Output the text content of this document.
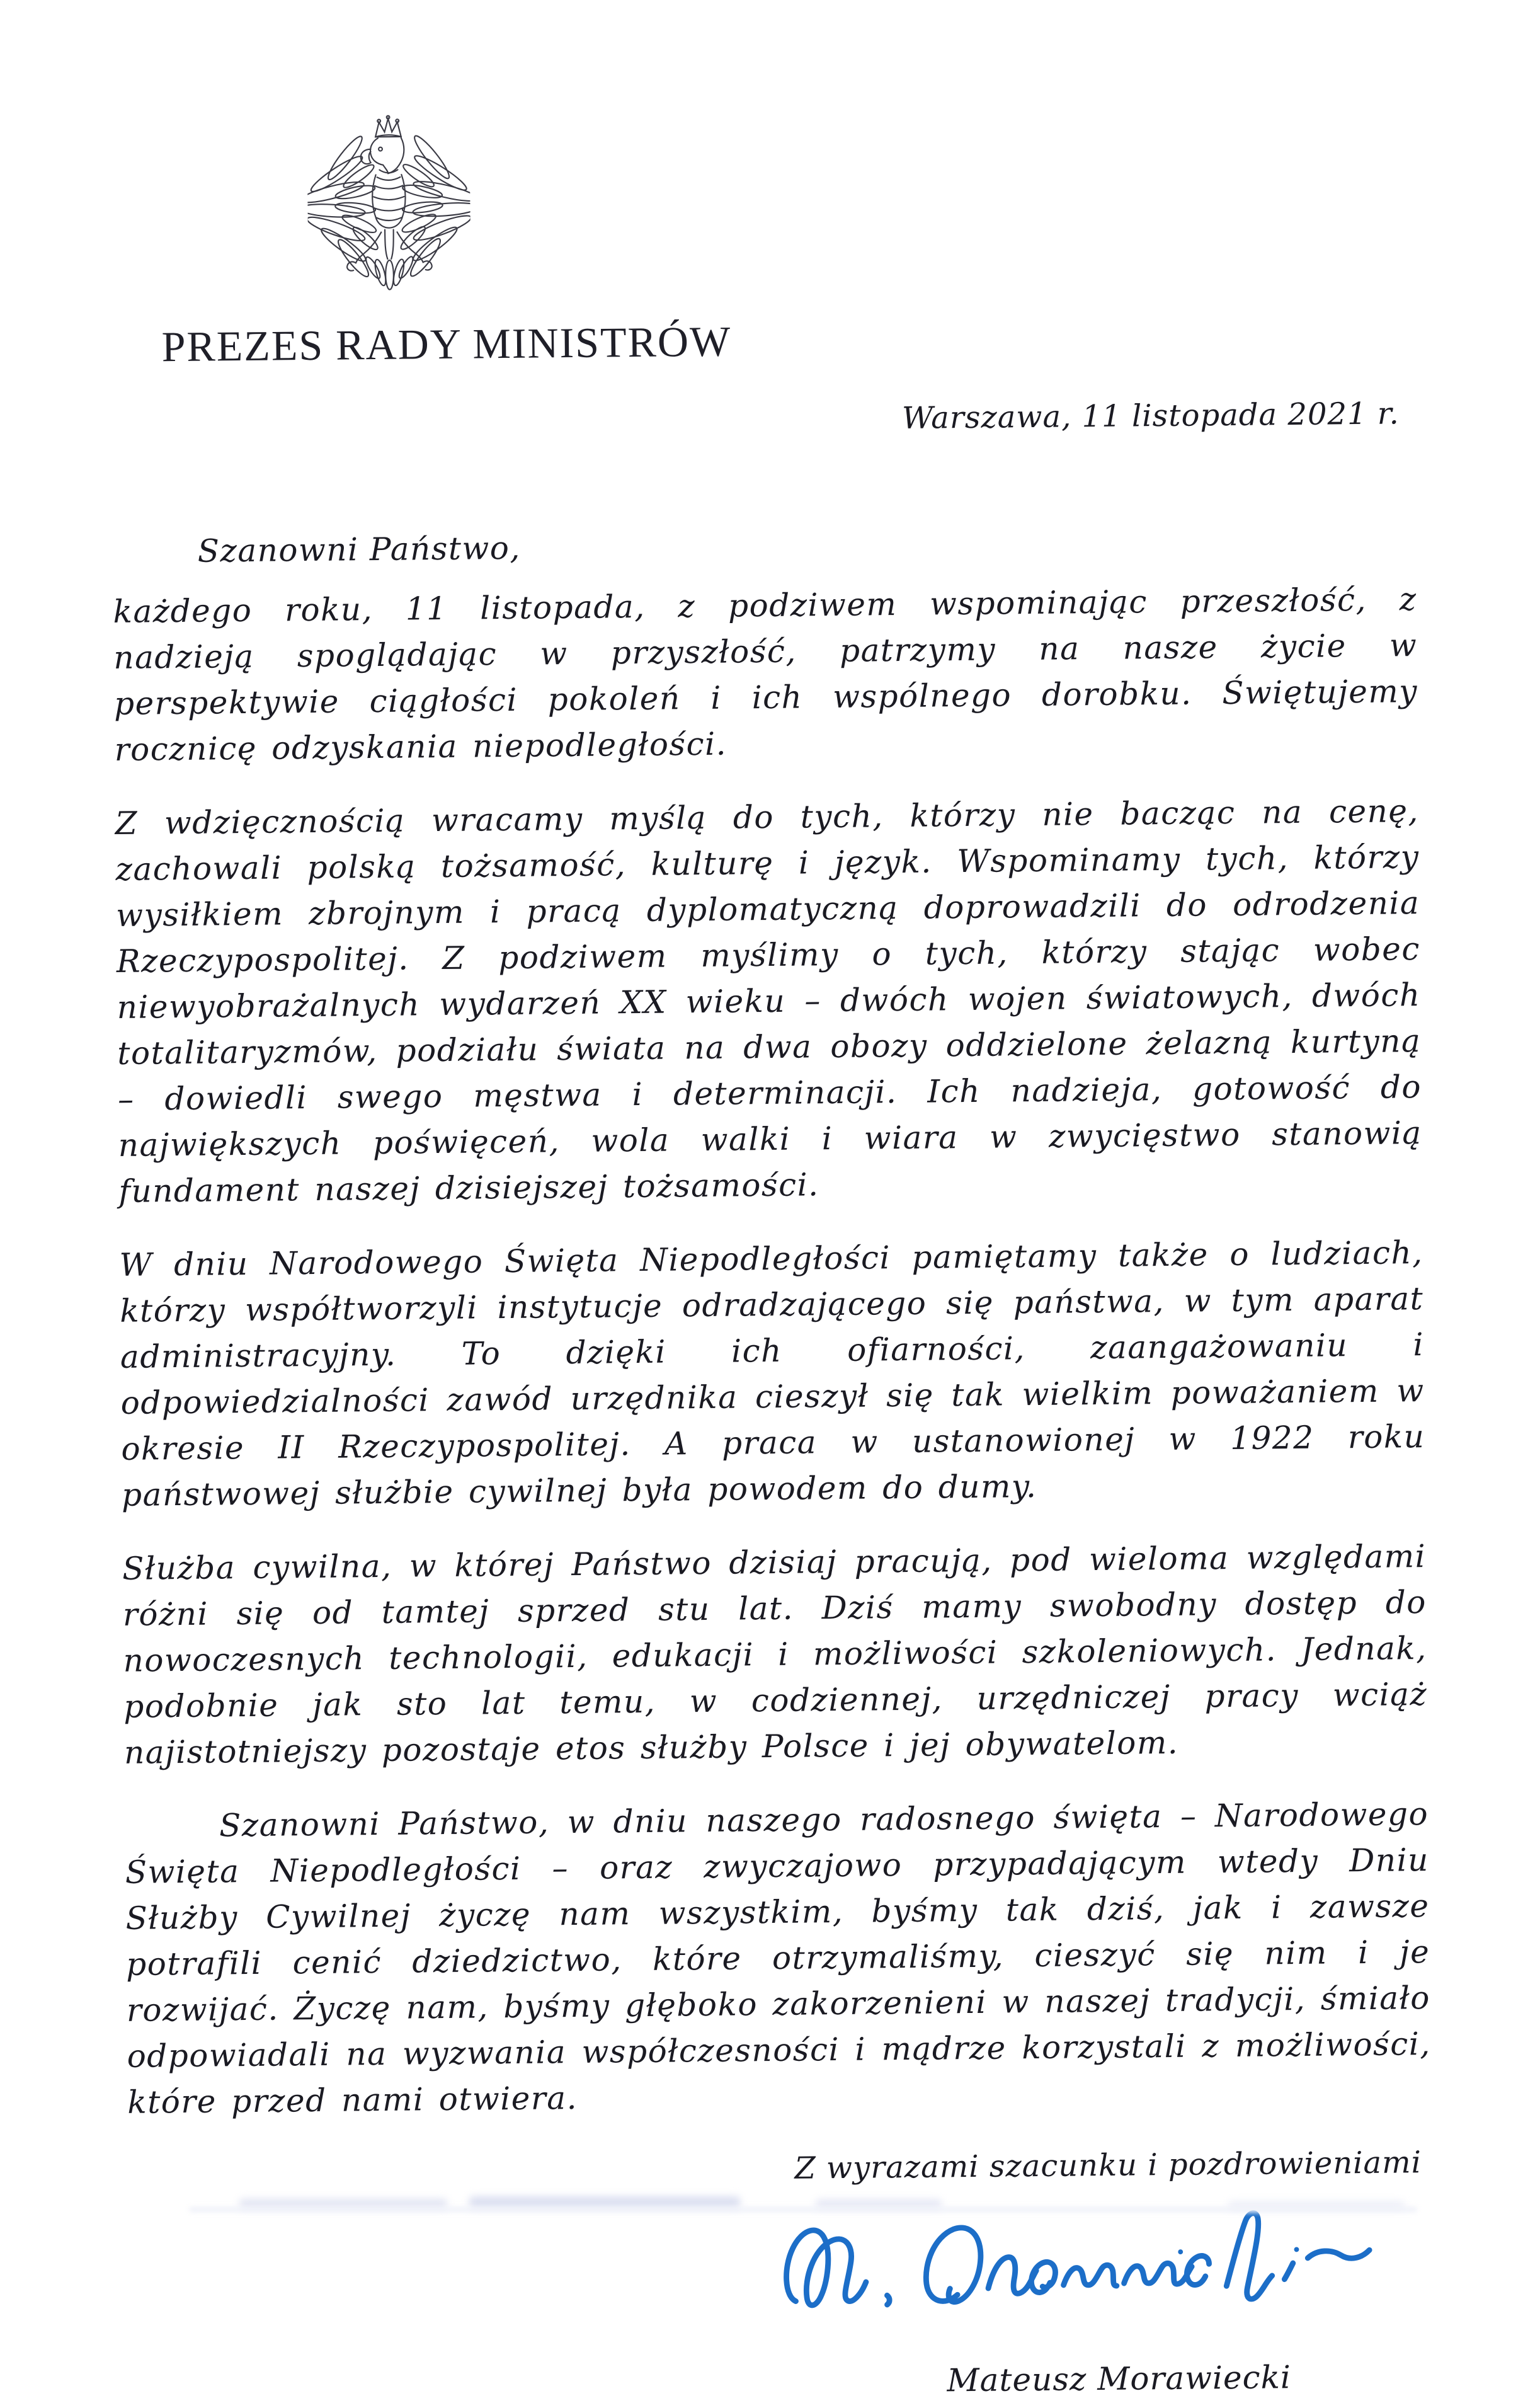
PREZES RADY MINISTRÓW
Warszawa, 11 listopada 2021 r.

Szanowni Państwo,

każdego roku, 11 listopada, z podziwem wspominając przeszłość, z nadzieją spoglądając w przyszłość, patrzymy na nasze życie w perspektywie ciągłości pokoleń i ich wspólnego dorobku. Świętujemy rocznicę odzyskania niepodległości.

Z wdzięcznością wracamy myślą do tych, którzy nie bacząc na cenę, zachowali polską tożsamość, kulturę i język. Wspominamy tych, którzy wysiłkiem zbrojnym i pracą dyplomatyczną doprowadzili do odrodzenia Rzeczypospolitej. Z podziwem myślimy o tych, którzy stając wobec niewyobrażalnych wydarzeń XX wieku – dwóch wojen światowych, dwóch totalitaryzmów, podziału świata na dwa obozy oddzielone żelazną kurtyną – dowiedli swego męstwa i determinacji. Ich nadzieja, gotowość do największych poświęceń, wola walki i wiara w zwycięstwo stanowią fundament naszej dzisiejszej tożsamości.

W dniu Narodowego Święta Niepodległości pamiętamy także o ludziach, którzy współtworzyli instytucje odradzającego się państwa, w tym aparat administracyjny. To dzięki ich ofiarności, zaangażowaniu i odpowiedzialności zawód urzędnika cieszył się tak wielkim poważaniem w okresie II Rzeczypospolitej. A praca w ustanowionej w 1922 roku państwowej służbie cywilnej była powodem do dumy.

Służba cywilna, w której Państwo dzisiaj pracują, pod wieloma względami różni się od tamtej sprzed stu lat. Dziś mamy swobodny dostęp do nowoczesnych technologii, edukacji i możliwości szkoleniowych. Jednak, podobnie jak sto lat temu, w codziennej, urzędniczej pracy wciąż najistotniejszy pozostaje etos służby Polsce i jej obywatelom.

Szanowni Państwo, w dniu naszego radosnego święta – Narodowego Święta Niepodległości – oraz zwyczajowo przypadającym wtedy Dniu Służby Cywilnej życzę nam wszystkim, byśmy tak dziś, jak i zawsze potrafili cenić dziedzictwo, które otrzymaliśmy, cieszyć się nim i je rozwijać. Życzę nam, byśmy głęboko zakorzenieni w naszej tradycji, śmiało odpowiadali na wyzwania współczesności i mądrze korzystali z możliwości, które przed nami otwiera.

Z wyrazami szacunku i pozdrowieniami
Mateusz Morawiecki
